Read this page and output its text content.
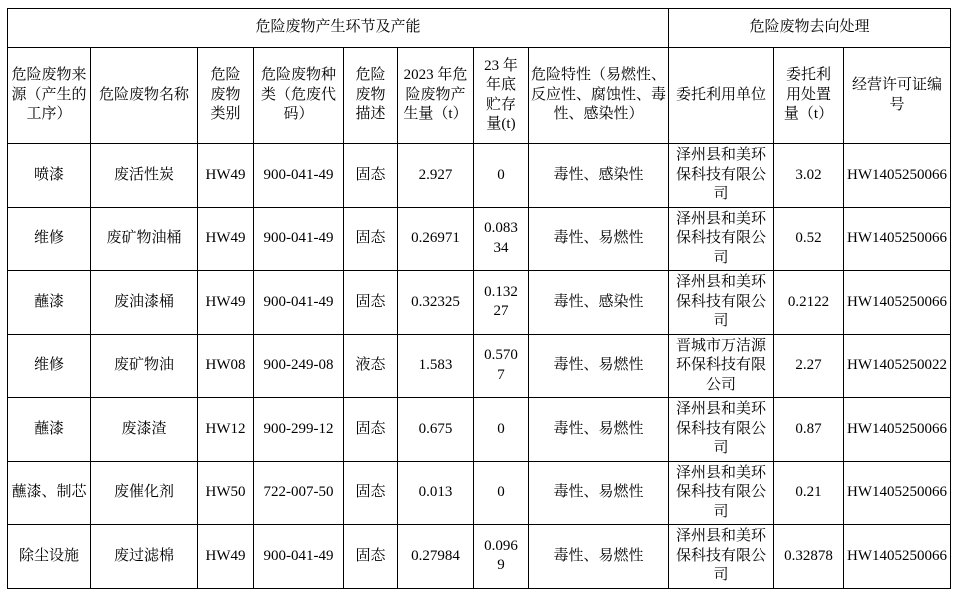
危险废物产生环节及产能								危险废物去向处理		
危险废物来源（产生的工序）	危险废物名称	危险废物类别	危险废物种类（危废代码）	危险废物描述	2023 年危险废物产生量（t）	23 年年底贮存量(t)	危险特性（易燃性、反应性、腐蚀性、毒性、感染性）	委托利用单位	委托利用处置量（t）	经营许可证编号
喷漆	废活性炭	HW49	900-041-49	固态	2.927	0	毒性、感染性	泽州县和美环保科技有限公司	3.02	HW1405250066
维修	废矿物油桶	HW49	900-041-49	固态	0.26971	0.08334	毒性、易燃性	泽州县和美环保科技有限公司	0.52	HW1405250066
蘸漆	废油漆桶	HW49	900-041-49	固态	0.32325	0.13227	毒性、感染性	泽州县和美环保科技有限公司	0.2122	HW1405250066
维修	废矿物油	HW08	900-249-08	液态	1.583	0.5707	毒性、易燃性	晋城市万洁源环保科技有限公司	2.27	HW1405250022
蘸漆	废漆渣	HW12	900-299-12	固态	0.675	0	毒性、易燃性	泽州县和美环保科技有限公司	0.87	HW1405250066
蘸漆、制芯	废催化剂	HW50	722-007-50	固态	0.013	0	毒性、易燃性	泽州县和美环保科技有限公司	0.21	HW1405250066
除尘设施	废过滤棉	HW49	900-041-49	固态	0.27984	0.0969	毒性、易燃性	泽州县和美环保科技有限公司	0.32878	HW1405250066
